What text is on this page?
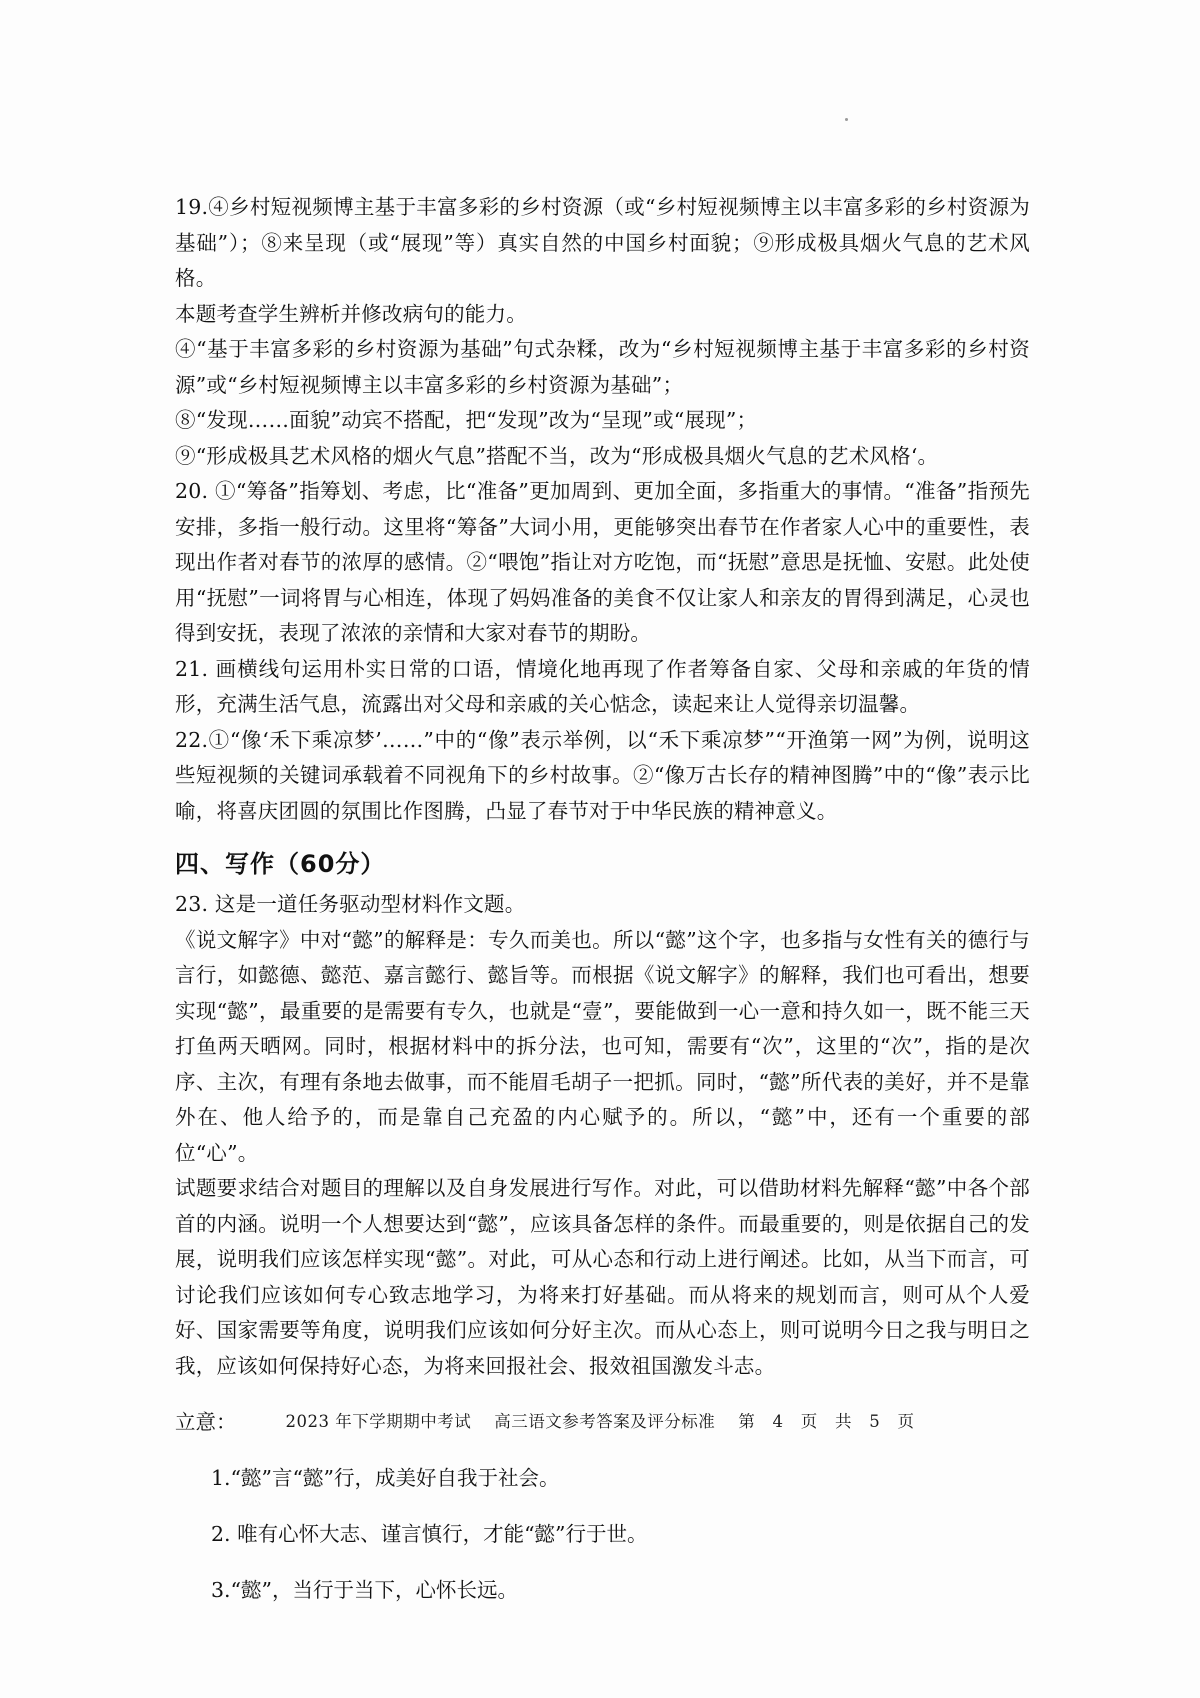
19.④乡村短视频博主基于丰富多彩的乡村资源（或“乡村短视频博主以丰富多彩的乡村资源为基础”）；⑧来呈现（或“展现”等）真实自然的中国乡村面貌；⑨形成极具烟火气息的艺术风格。

本题考查学生辨析并修改病句的能力。

④“基于丰富多彩的乡村资源为基础”句式杂糅，改为“乡村短视频博主基于丰富多彩的乡村资源”或“乡村短视频博主以丰富多彩的乡村资源为基础”；

⑧“发现……面貌”动宾不搭配，把“发现”改为“呈现”或“展现”；

⑨“形成极具艺术风格的烟火气息”搭配不当，改为“形成极具烟火气息的艺术风格‘。

20. ①“筹备”指筹划、考虑，比“准备”更加周到、更加全面，多指重大的事情。“准备”指预先安排，多指一般行动。这里将“筹备”大词小用，更能够突出春节在作者家人心中的重要性，表现出作者对春节的浓厚的感情。②“喂饱”指让对方吃饱，而“抚慰”意思是抚恤、安慰。此处使用“抚慰”一词将胃与心相连，体现了妈妈准备的美食不仅让家人和亲友的胃得到满足，心灵也得到安抚，表现了浓浓的亲情和大家对春节的期盼。

21. 画横线句运用朴实日常的口语，情境化地再现了作者筹备自家、父母和亲戚的年货的情形，充满生活气息，流露出对父母和亲戚的关心惦念，读起来让人觉得亲切温馨。

22.①“像‘禾下乘凉梦’……”中的“像”表示举例，以“禾下乘凉梦”“开渔第一网”为例，说明这些短视频的关键词承载着不同视角下的乡村故事。②“像万古长存的精神图腾”中的“像”表示比喻，将喜庆团圆的氛围比作图腾，凸显了春节对于中华民族的精神意义。

四、写作（60分）

23. 这是一道任务驱动型材料作文题。

《说文解字》中对“懿”的解释是：专久而美也。所以“懿”这个字，也多指与女性有关的德行与言行，如懿德、懿范、嘉言懿行、懿旨等。而根据《说文解字》的解释，我们也可看出，想要实现“懿”，最重要的是需要有专久，也就是“壹”，要能做到一心一意和持久如一，既不能三天打鱼两天晒网。同时，根据材料中的拆分法，也可知，需要有“次”，这里的“次”，指的是次序、主次，有理有条地去做事，而不能眉毛胡子一把抓。同时，“懿”所代表的美好，并不是靠外在、他人给予的，而是靠自己充盈的内心赋予的。所以，“懿”中，还有一个重要的部位“心”。

试题要求结合对题目的理解以及自身发展进行写作。对此，可以借助材料先解释“懿”中各个部首的内涵。说明一个人想要达到“懿”，应该具备怎样的条件。而最重要的，则是依据自己的发展，说明我们应该怎样实现“懿”。对此，可从心态和行动上进行阐述。比如，从当下而言，可讨论我们应该如何专心致志地学习，为将来打好基础。而从将来的规划而言，则可从个人爱好、国家需要等角度，说明我们应该如何分好主次。而从心态上，则可说明今日之我与明日之我，应该如何保持好心态，为将来回报社会、报效祖国激发斗志。

立意：

1.“懿”言“懿”行，成美好自我于社会。

2. 唯有心怀大志、谨言慎行，才能“懿”行于世。

3.“懿”，当行于当下，心怀长远。

2023 年下学期期中考试 高三语文参考答案及评分标准 第 4 页 共 5 页
